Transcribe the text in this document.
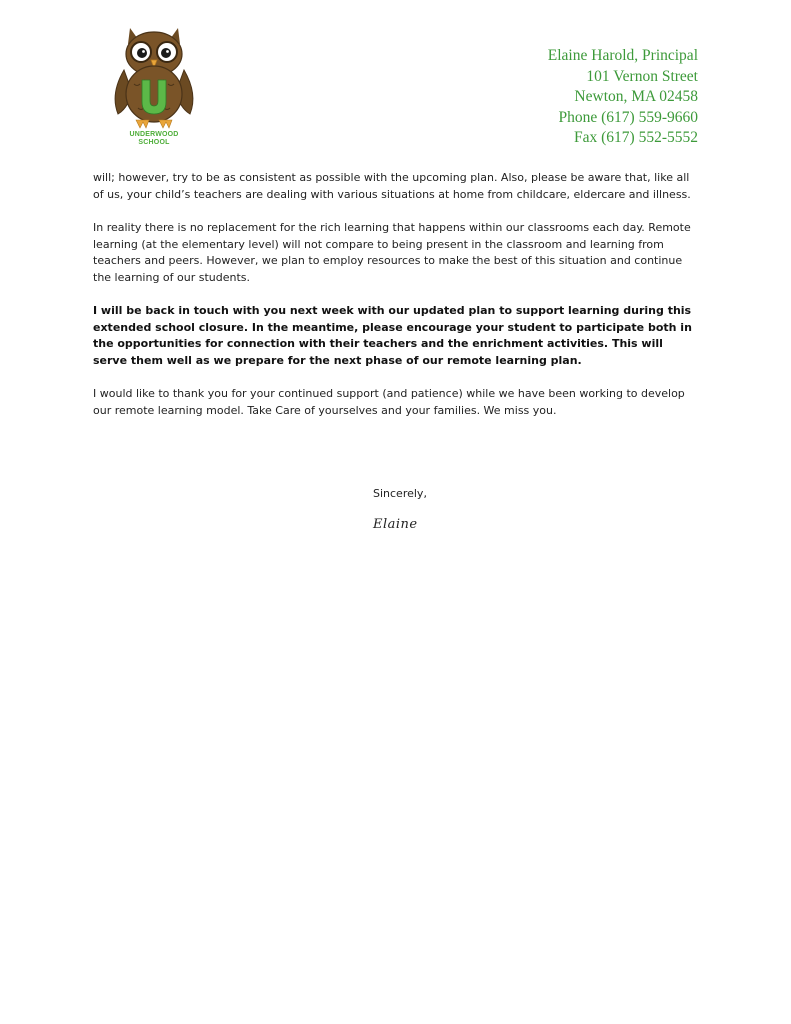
UNDERWOOD
SCHOOL
Elaine Harold, Principal
101 Vernon Street
Newton, MA 02458
Phone (617) 559-9660
Fax (617) 552-5552

will; however, try to be as consistent as possible with the upcoming plan. Also, please be aware that, like all of us, your child’s teachers are dealing with various situations at home from childcare, eldercare and illness.

In reality there is no replacement for the rich learning that happens within our classrooms each day. Remote learning (at the elementary level) will not compare to being present in the classroom and learning from teachers and peers. However, we plan to employ resources to make the best of this situation and continue the learning of our students.

I will be back in touch with you next week with our updated plan to support learning during this extended school closure. In the meantime, please encourage your student to participate both in the opportunities for connection with their teachers and the enrichment activities. This will serve them well as we prepare for the next phase of our remote learning plan.

I would like to thank you for your continued support (and patience) while we have been working to develop our remote learning model. Take Care of yourselves and your families. We miss you.

Sincerely,
Elaine
